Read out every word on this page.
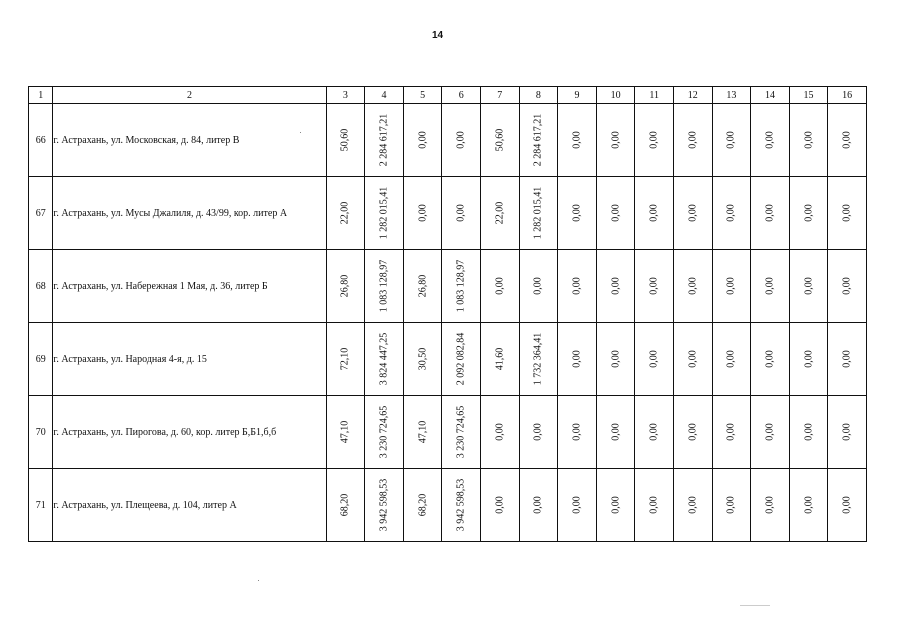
14
1	2	3	4	5	6	7	8	9	10	11	12	13	14	15	16
66	г. Астрахань, ул. Московская, д. 84, литер В	50,60	2 284 617,21	0,00	0,00	50,60	2 284 617,21	0,00	0,00	0,00	0,00	0,00	0,00	0,00	0,00

67	г. Астрахань, ул. Мусы Джалиля, д. 43/99, кор. литер А	22,00	1 282 015,41	0,00	0,00	22,00	1 282 015,41	0,00	0,00	0,00	0,00	0,00	0,00	0,00	0,00

68	г. Астрахань, ул. Набережная 1 Мая, д. 36, литер Б	26,80	1 083 128,97	26,80	1 083 128,97	0,00	0,00	0,00	0,00	0,00	0,00	0,00	0,00	0,00	0,00

69	г. Астрахань, ул. Народная 4-я, д. 15	72,10	3 824 447,25	30,50	2 092 082,84	41,60	1 732 364,41	0,00	0,00	0,00	0,00	0,00	0,00	0,00	0,00

70	г. Астрахань, ул. Пирогова, д. 60, кор. литер Б,Б1,б,б	47,10	3 230 724,65	47,10	3 230 724,65	0,00	0,00	0,00	0,00	0,00	0,00	0,00	0,00	0,00	0,00

71	г. Астрахань, ул. Плещеева, д. 104, литер А	68,20	3 942 598,53	68,20	3 942 598,53	0,00	0,00	0,00	0,00	0,00	0,00	0,00	0,00	0,00	0,00
